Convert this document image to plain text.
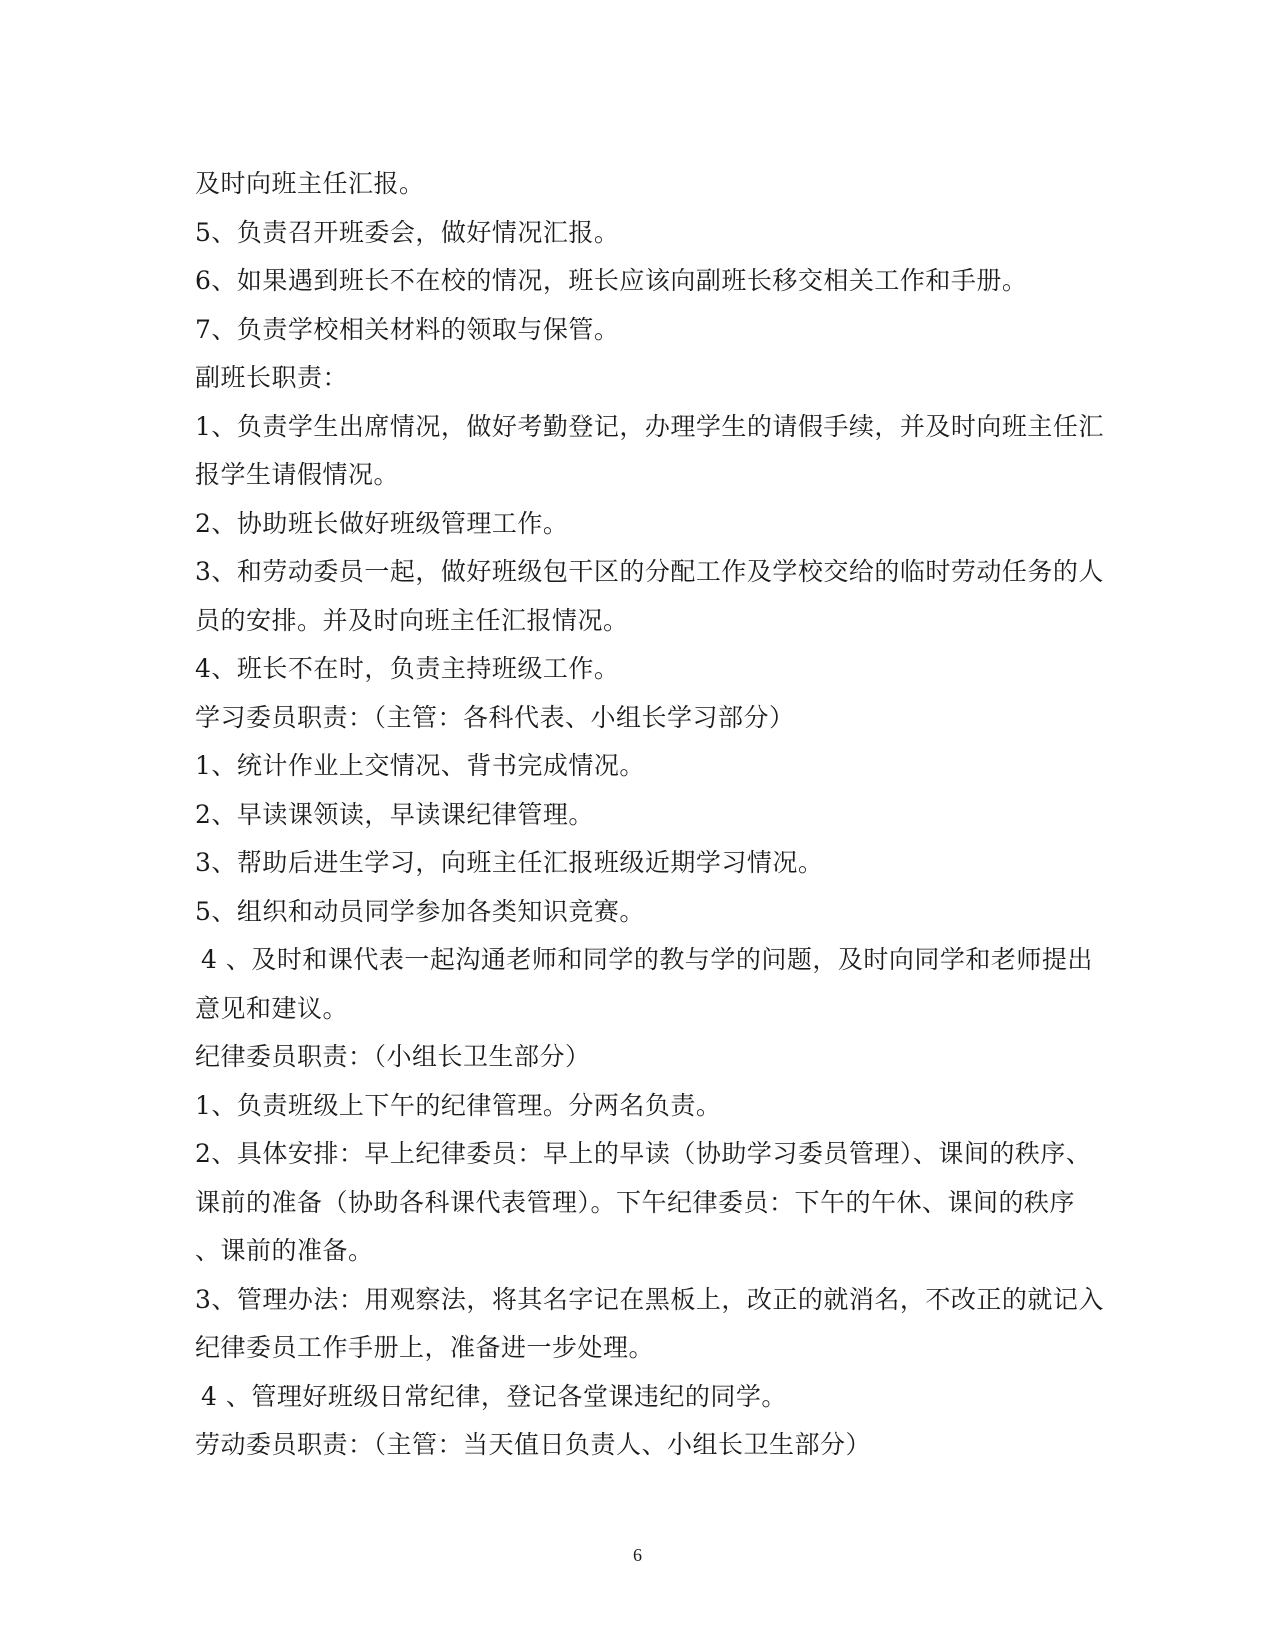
及时向班主任汇报。
5、负责召开班委会，做好情况汇报。
6、如果遇到班长不在校的情况，班长应该向副班长移交相关工作和手册。
7、负责学校相关材料的领取与保管。
副班长职责：
1、负责学生出席情况，做好考勤登记，办理学生的请假手续，并及时向班主任汇
报学生请假情况。
2、协助班长做好班级管理工作。
3、和劳动委员一起，做好班级包干区的分配工作及学校交给的临时劳动任务的人
员的安排。并及时向班主任汇报情况。
4、班长不在时，负责主持班级工作。
学习委员职责：（主管：各科代表、小组长学习部分）
1、统计作业上交情况、背书完成情况。
2、早读课领读，早读课纪律管理。
3、帮助后进生学习，向班主任汇报班级近期学习情况。
5、组织和动员同学参加各类知识竞赛。
4 、及时和课代表一起沟通老师和同学的教与学的问题，及时向同学和老师提出
意见和建议。
纪律委员职责：（小组长卫生部分）
1、负责班级上下午的纪律管理。分两名负责。
2、具体安排：早上纪律委员：早上的早读（协助学习委员管理）、课间的秩序、
课前的准备（协助各科课代表管理）。下午纪律委员：下午的午休、课间的秩序
、课前的准备。
3、管理办法：用观察法，将其名字记在黑板上，改正的就消名，不改正的就记入
纪律委员工作手册上，准备进一步处理。
4 、管理好班级日常纪律，登记各堂课违纪的同学。
劳动委员职责：（主管：当天值日负责人、小组长卫生部分）
6
